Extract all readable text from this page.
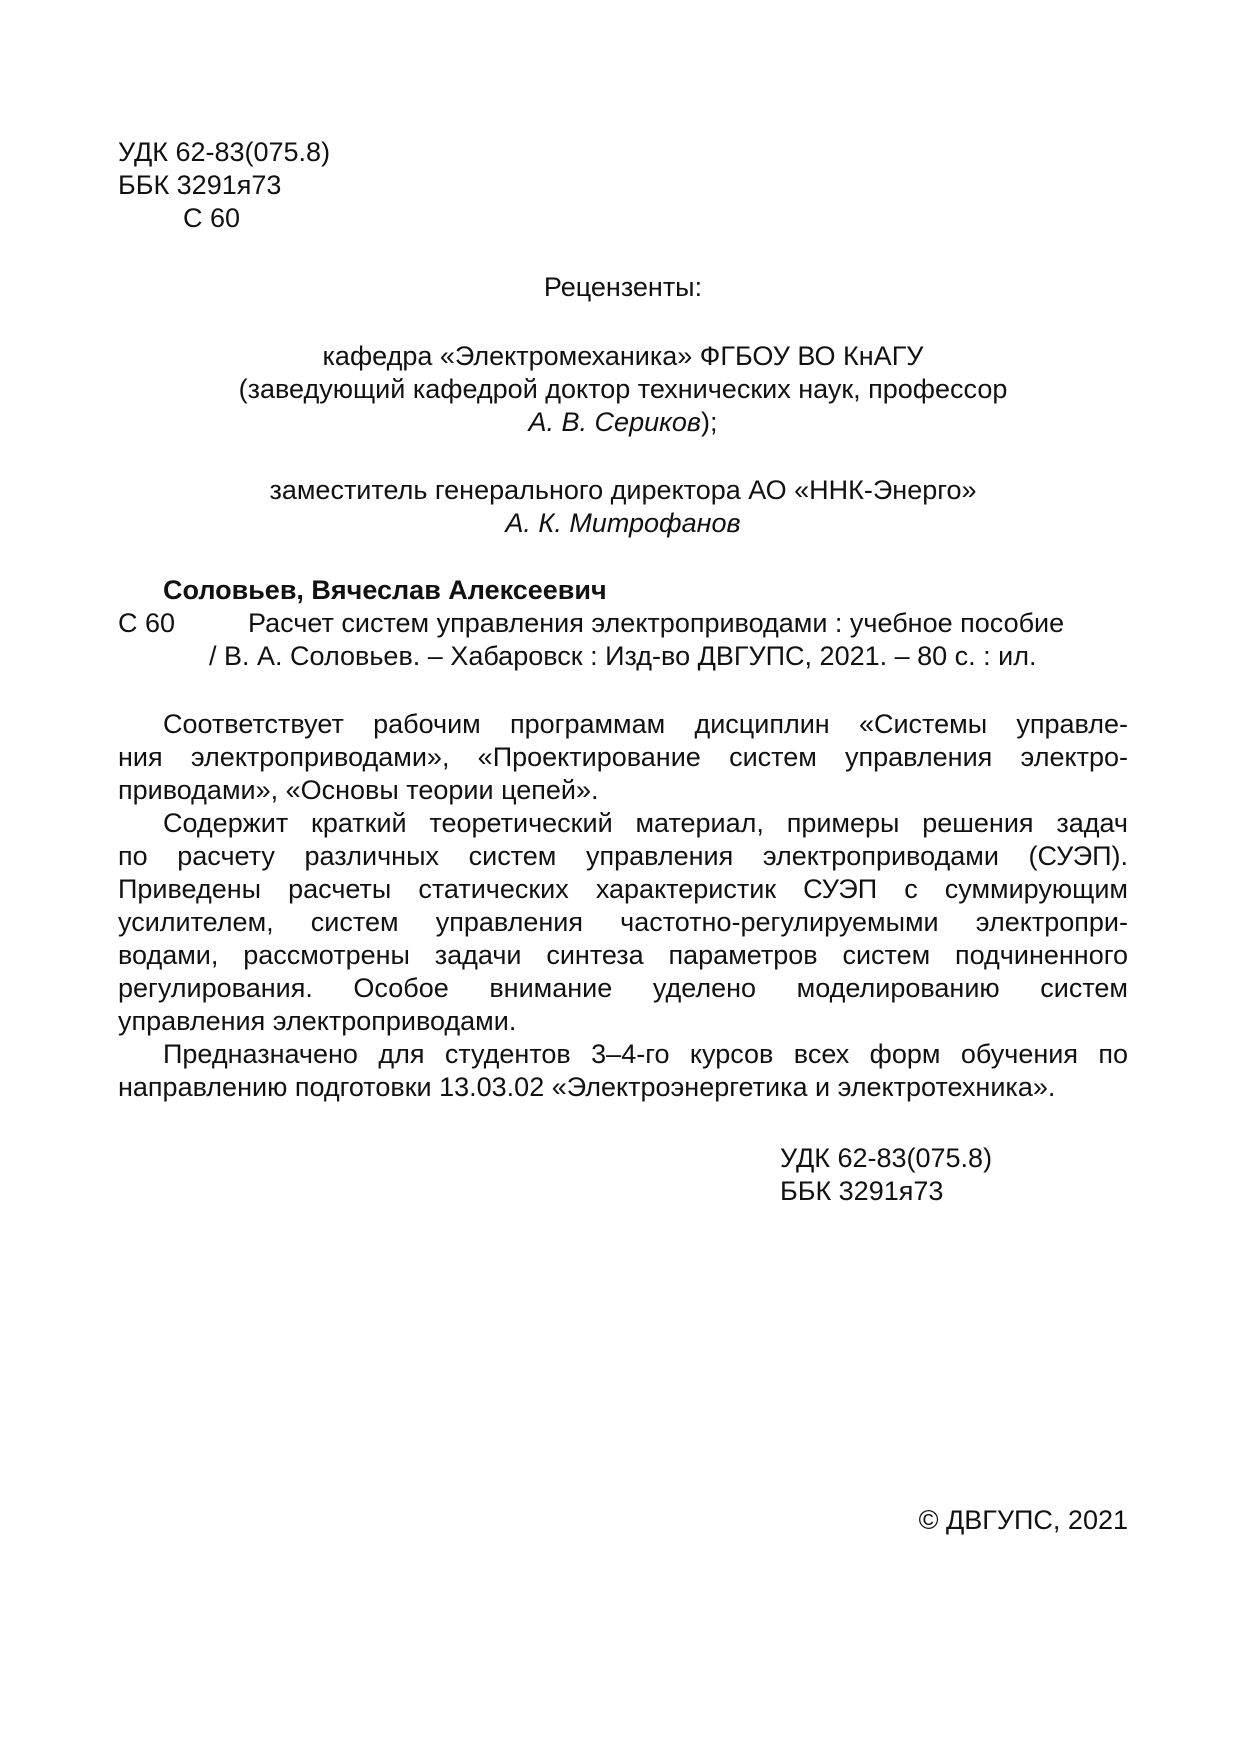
УДК 62-83(075.8)
ББК 3291я73
С 60
Рецензенты:
кафедра «Электромеханика» ФГБОУ ВО КнАГУ
(заведующий кафедрой доктор технических наук, профессор
А. В. Сериков);
заместитель генерального директора АО «ННК-Энерго»
А. К. Митрофанов
Соловьев, Вячеслав Алексеевич
С 60	Расчет систем управления электроприводами : учебное пособие
/ В. А. Соловьев. – Хабаровск : Изд-во ДВГУПС, 2021. – 80 с. : ил.
Соответствует рабочим программам дисциплин «Системы управле-
ния электроприводами», «Проектирование систем управления электро-
приводами», «Основы теории цепей».
Содержит краткий теоретический материал, примеры решения задач
по расчету различных систем управления электроприводами (СУЭП).
Приведены расчеты статических характеристик СУЭП с суммирующим
усилителем, систем управления частотно-регулируемыми электропри-
водами, рассмотрены задачи синтеза параметров систем подчиненного
регулирования. Особое внимание уделено моделированию систем
управления электроприводами.
Предназначено для студентов 3–4-го курсов всех форм обучения по
направлению подготовки 13.03.02 «Электроэнергетика и электротехника».
УДК 62-83(075.8)
ББК 3291я73
© ДВГУПС, 2021
